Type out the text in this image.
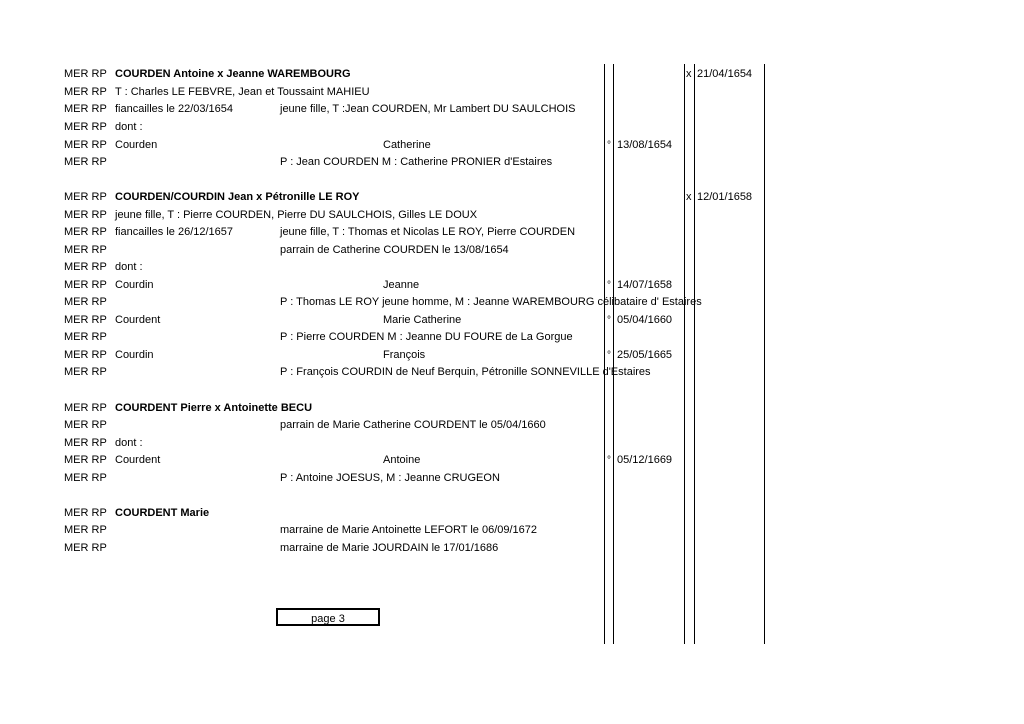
MER RP COURDEN Antoine x Jeanne WAREMBOURG	x 21/04/1654
MER RP T : Charles LE FEBVRE, Jean et Toussaint MAHIEU
MER RP fiancailles le 22/03/1654	jeune fille, T :Jean COURDEN, Mr Lambert DU SAULCHOIS
MER RP dont :
MER RP Courden	Catherine	° 13/08/1654
MER RP	P : Jean COURDEN M : Catherine PRONIER d'Estaires
MER RP COURDEN/COURDIN Jean x Pétronille LE ROY	x 12/01/1658
MER RP jeune fille, T : Pierre COURDEN, Pierre DU SAULCHOIS, Gilles LE DOUX
MER RP fiancailles le 26/12/1657	jeune fille, T : Thomas et Nicolas LE ROY, Pierre COURDEN
MER RP	parrain de Catherine COURDEN le 13/08/1654
MER RP dont :
MER RP Courdin	Jeanne	° 14/07/1658
MER RP	P : Thomas LE ROY jeune homme, M : Jeanne WAREMBOURG célibataire d' Estaires
MER RP Courdent	Marie Catherine	° 05/04/1660
MER RP	P : Pierre COURDEN M : Jeanne DU FOURE de La Gorgue
MER RP Courdin	François	° 25/05/1665
MER RP	P : François COURDIN de Neuf Berquin, Pétronille SONNEVILLE d'Estaires
MER RP COURDENT Pierre x Antoinette BECU
MER RP	parrain de Marie Catherine COURDENT le 05/04/1660
MER RP dont :
MER RP Courdent	Antoine	° 05/12/1669
MER RP	P : Antoine JOESUS, M : Jeanne CRUGEON
MER RP COURDENT Marie
MER RP	marraine de Marie Antoinette LEFORT le 06/09/1672
MER RP	marraine de Marie JOURDAIN le 17/01/1686
page 3
